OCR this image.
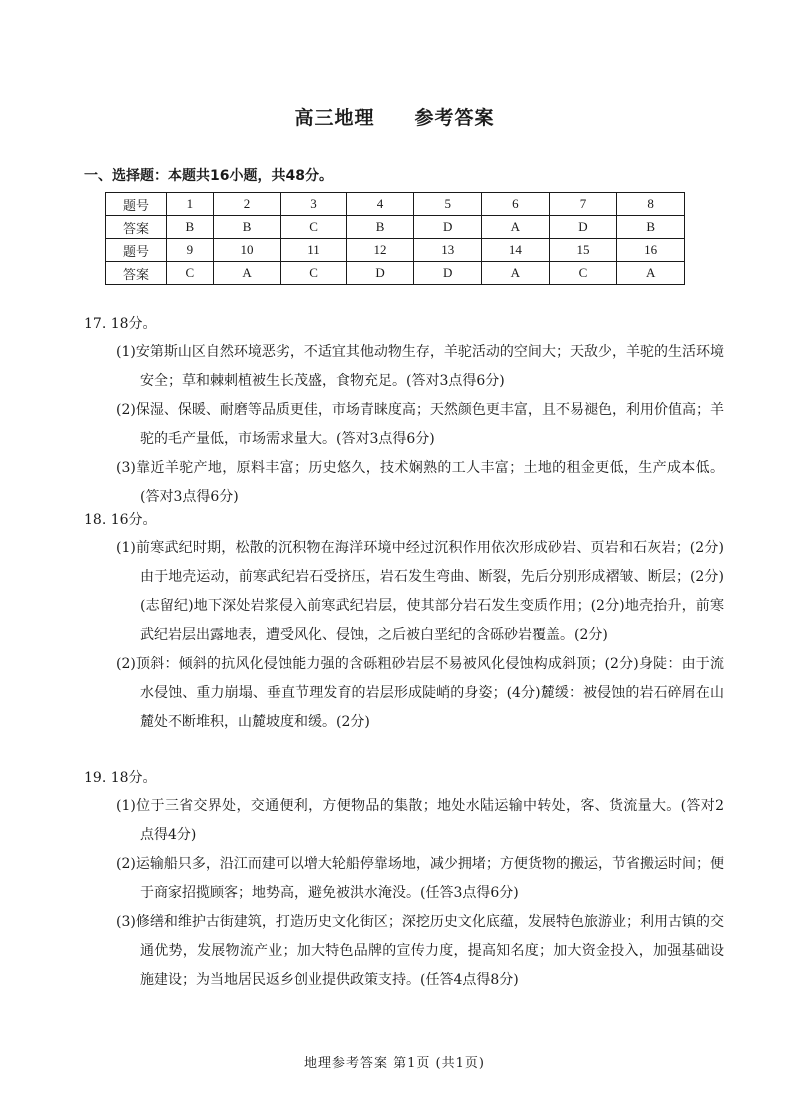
高三地理 参考答案
一、选择题：本题共16小题，共48分。
题号	1	2	3	4	5	6	7	8
答案	B	B	C	B	D	A	D	B
题号	9	10	11	12	13	14	15	16
答案	C	A	C	D	D	A	C	A
17. 18分。
(1)安第斯山区自然环境恶劣，不适宜其他动物生存，羊驼活动的空间大；天敌少，羊驼的生活环境安全；草和棘刺植被生长茂盛，食物充足。(答对3点得6分)
(2)保湿、保暖、耐磨等品质更佳，市场青睐度高；天然颜色更丰富，且不易褪色，利用价值高；羊驼的毛产量低，市场需求量大。(答对3点得6分)
(3)靠近羊驼产地，原料丰富；历史悠久，技术娴熟的工人丰富；土地的租金更低，生产成本低。(答对3点得6分)
18. 16分。
(1)前寒武纪时期，松散的沉积物在海洋环境中经过沉积作用依次形成砂岩、页岩和石灰岩；(2分)由于地壳运动，前寒武纪岩石受挤压，岩石发生弯曲、断裂，先后分别形成褶皱、断层；(2分)(志留纪)地下深处岩浆侵入前寒武纪岩层，使其部分岩石发生变质作用；(2分)地壳抬升，前寒武纪岩层出露地表，遭受风化、侵蚀，之后被白垩纪的含砾砂岩覆盖。(2分)
(2)顶斜：倾斜的抗风化侵蚀能力强的含砾粗砂岩层不易被风化侵蚀构成斜顶；(2分)身陡：由于流水侵蚀、重力崩塌、垂直节理发育的岩层形成陡峭的身姿；(4分)麓缓：被侵蚀的岩石碎屑在山麓处不断堆积，山麓坡度和缓。(2分)
19. 18分。
(1)位于三省交界处，交通便利，方便物品的集散；地处水陆运输中转处，客、货流量大。(答对2点得4分)
(2)运输船只多，沿江而建可以增大轮船停靠场地，减少拥堵；方便货物的搬运，节省搬运时间；便于商家招揽顾客；地势高，避免被洪水淹没。(任答3点得6分)
(3)修缮和维护古街建筑，打造历史文化街区；深挖历史文化底蕴，发展特色旅游业；利用古镇的交通优势，发展物流产业；加大特色品牌的宣传力度，提高知名度；加大资金投入，加强基础设施建设；为当地居民返乡创业提供政策支持。(任答4点得8分)
地理参考答案 第1页 (共1页)
